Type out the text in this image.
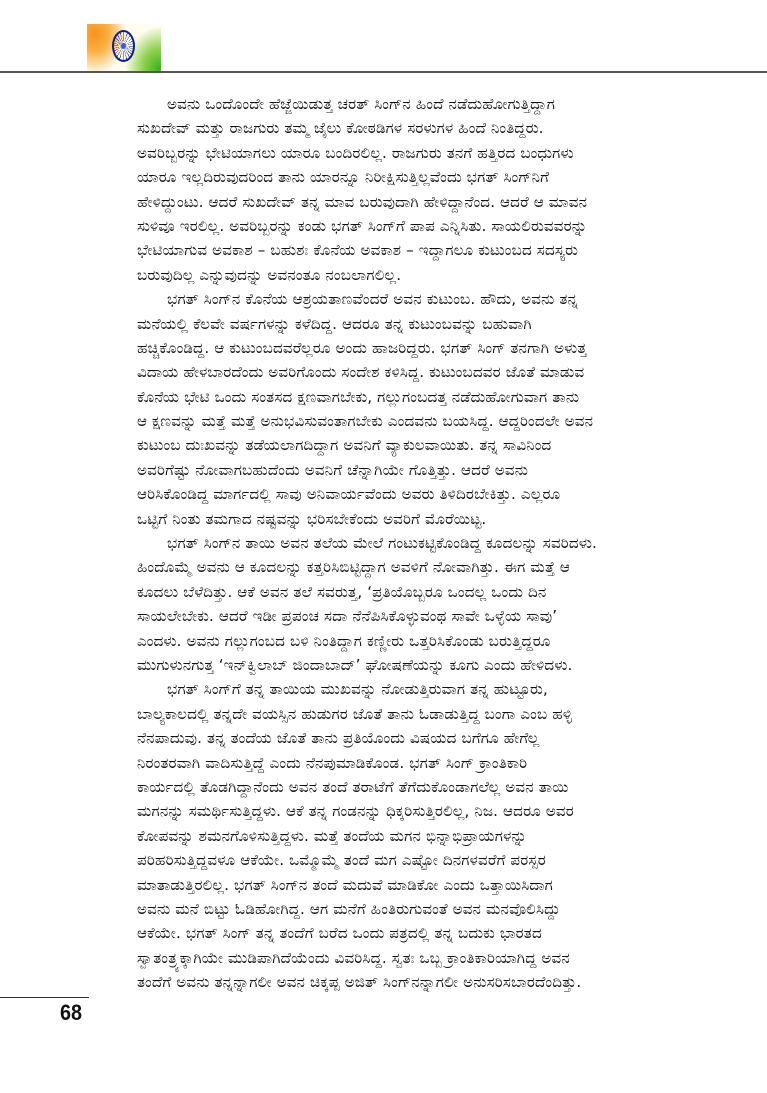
ಅವನು ಒಂದೊಂದೇ ಹೆಜ್ಜೆಯಿಡುತ್ತ ಚರತ್ ಸಿಂಗ್‌ನ ಹಿಂದೆ ನಡೆದುಹೋಗುತ್ತಿದ್ದಾಗ
ಸುಖದೇವ್ ಮತ್ತು ರಾಜಗುರು ತಮ್ಮ ಜೈಲು ಕೋಠಡಿಗಳ ಸರಳುಗಳ ಹಿಂದೆ ನಿಂತಿದ್ದರು.
ಅವರಿಬ್ಬರನ್ನು ಭೇಟಿಯಾಗಲು ಯಾರೂ ಬಂದಿರಲಿಲ್ಲ. ರಾಜಗುರು ತನಗೆ ಹತ್ತಿರದ ಬಂಧುಗಳು
ಯಾರೂ ಇಲ್ಲದಿರುವುದರಿಂದ ತಾನು ಯಾರನ್ನೂ ನಿರೀಕ್ಷಿಸುತ್ತಿಲ್ಲವೆಂದು ಭಗತ್ ಸಿಂಗ್‌ನಿಗೆ
ಹೇಳಿದ್ದುಂಟು. ಆದರೆ ಸುಖದೇವ್ ತನ್ನ ಮಾವ ಬರುವುದಾಗಿ ಹೇಳಿದ್ದಾನೆಂದ. ಆದರೆ ಆ ಮಾವನ
ಸುಳಿವೂ ಇರಲಿಲ್ಲ. ಅವರಿಬ್ಬರನ್ನು ಕಂಡು ಭಗತ್ ಸಿಂಗ್‌ಗೆ ಪಾಪ ಎನ್ನಿಸಿತು. ಸಾಯಲಿರುವವರನ್ನು
ಭೇಟಿಯಾಗುವ ಅವಕಾಶ – ಬಹುಶಃ ಕೊನೆಯ ಅವಕಾಶ – ಇದ್ದಾಗಲೂ ಕುಟುಂಬದ ಸದಸ್ಯರು
ಬರುವುದಿಲ್ಲ ಎನ್ನುವುದನ್ನು ಅವನಂತೂ ನಂಬಲಾಗಲಿಲ್ಲ.
ಭಗತ್ ಸಿಂಗ್‌ನ ಕೊನೆಯ ಆಶ್ರಯತಾಣವೆಂದರೆ ಅವನ ಕುಟುಂಬ. ಹೌದು, ಅವನು ತನ್ನ
ಮನೆಯಲ್ಲಿ ಕೆಲವೇ ವರ್ಷಗಳನ್ನು ಕಳೆದಿದ್ದ. ಆದರೂ ತನ್ನ ಕುಟುಂಬವನ್ನು ಬಹುವಾಗಿ
ಹಚ್ಚಿಕೊಂಡಿದ್ದ. ಆ ಕುಟುಂಬದವರೆಲ್ಲರೂ ಅಂದು ಹಾಜರಿದ್ದರು. ಭಗತ್ ಸಿಂಗ್ ತನಗಾಗಿ ಅಳುತ್ತ
ವಿದಾಯ ಹೇಳಬಾರದೆಂದು ಅವರಿಗೊಂದು ಸಂದೇಶ ಕಳಿಸಿದ್ದ. ಕುಟುಂಬದವರ ಜೊತೆ ಮಾಡುವ
ಕೊನೆಯ ಭೇಟಿ ಒಂದು ಸಂತಸದ ಕ್ಷಣವಾಗಬೇಕು, ಗಲ್ಲುಗಂಬದತ್ತ ನಡೆದುಹೋಗುವಾಗ ತಾನು
ಆ ಕ್ಷಣವನ್ನು ಮತ್ತೆ ಮತ್ತೆ ಅನುಭವಿಸುವಂತಾಗಬೇಕು ಎಂದವನು ಬಯಸಿದ್ದ. ಆದ್ದರಿಂದಲೇ ಅವನ
ಕುಟುಂಬ ದುಃಖವನ್ನು ತಡೆಯಲಾಗದಿದ್ದಾಗ ಅವನಿಗೆ ವ್ಯಾಕುಲವಾಯಿತು. ತನ್ನ ಸಾವಿನಿಂದ
ಅವರಿಗೆಷ್ಟು ನೋವಾಗಬಹುದೆಂದು ಅವನಿಗೆ ಚೆನ್ನಾಗಿಯೇ ಗೊತ್ತಿತ್ತು. ಆದರೆ ಅವನು
ಆರಿಸಿಕೊಂಡಿದ್ದ ಮಾರ್ಗದಲ್ಲಿ ಸಾವು ಅನಿವಾರ್ಯವೆಂದು ಅವರು ತಿಳಿದಿರಬೇಕಿತ್ತು. ಎಲ್ಲರೂ
ಒಟ್ಟಿಗೆ ನಿಂತು ತಮಗಾದ ನಷ್ಟವನ್ನು ಭರಿಸಬೇಕೆಂದು ಅವರಿಗೆ ಮೊರೆಯಿಟ್ಟ.
ಭಗತ್ ಸಿಂಗ್‌ನ ತಾಯಿ ಅವನ ತಲೆಯ ಮೇಲೆ ಗಂಟುಕಟ್ಟಿಕೊಂಡಿದ್ದ ಕೂದಲನ್ನು ಸವರಿದಳು.
ಹಿಂದೊಮ್ಮೆ ಅವನು ಆ ಕೂದಲನ್ನು ಕತ್ತರಿಸಿಬಿಟ್ಟಿದ್ದಾಗ ಅವಳಿಗೆ ನೋವಾಗಿತ್ತು. ಈಗ ಮತ್ತೆ ಆ
ಕೂದಲು ಬೆಳೆದಿತ್ತು. ಆಕೆ ಅವನ ತಲೆ ಸವರುತ್ತ, ‘ಪ್ರತಿಯೊಬ್ಬರೂ ಒಂದಲ್ಲ ಒಂದು ದಿನ
ಸಾಯಲೇಬೇಕು. ಆದರೆ ಇಡೀ ಪ್ರಪಂಚ ಸದಾ ನೆನೆಪಿಸಿಕೊಳ್ಳುವಂಥ ಸಾವೇ ಒಳ್ಳೆಯ ಸಾವು’
ಎಂದಳು. ಅವನು ಗಲ್ಲುಗಂಬದ ಬಳಿ ನಿಂತಿದ್ದಾಗ ಕಣ್ಣೀರು ಒತ್ತರಿಸಿಕೊಂಡು ಬರುತ್ತಿದ್ದರೂ
ಮುಗುಳುನಗುತ್ತ ‘ಇನ್‌ಕ್ವಿಲಾಬ್ ಜಿಂದಾಬಾದ್’ ಘೋಷಣೆಯನ್ನು ಕೂಗು ಎಂದು ಹೇಳಿದಳು.
ಭಗತ್ ಸಿಂಗ್‌ಗೆ ತನ್ನ ತಾಯಿಯ ಮುಖವನ್ನು ನೋಡುತ್ತಿರುವಾಗ ತನ್ನ ಹುಟ್ಟೂರು,
ಬಾಲ್ಯಕಾಲದಲ್ಲಿ ತನ್ನದೇ ವಯಸ್ಸಿನ ಹುಡುಗರ ಜೊತೆ ತಾನು ಓಡಾಡುತ್ತಿದ್ದ ಬಂಗಾ ಎಂಬ ಹಳ್ಳಿ
ನೆನಪಾದುವು. ತನ್ನ ತಂದೆಯ ಜೊತೆ ತಾನು ಪ್ರತಿಯೊಂದು ವಿಷಯದ ಬಗೆಗೂ ಹೇಗೆಲ್ಲ
ನಿರಂತರವಾಗಿ ವಾದಿಸುತ್ತಿದ್ದೆ ಎಂದು ನೆನಪುಮಾಡಿಕೊಂಡ. ಭಗತ್ ಸಿಂಗ್ ಕ್ರಾಂತಿಕಾರಿ
ಕಾರ್ಯದಲ್ಲಿ ತೊಡಗಿದ್ದಾನೆಂದು ಅವನ ತಂದೆ ತರಾಟೆಗೆ ತೆಗೆದುಕೊಂಡಾಗಲೆಲ್ಲ ಅವನ ತಾಯಿ
ಮಗನನ್ನು ಸಮರ್ಥಿಸುತ್ತಿದ್ದಳು. ಆಕೆ ತನ್ನ ಗಂಡನನ್ನು ಧಿಕ್ಕರಿಸುತ್ತಿರಲಿಲ್ಲ, ನಿಜ. ಆದರೂ ಅವರ
ಕೋಪವನ್ನು ಶಮನಗೊಳಿಸುತ್ತಿದ್ದಳು. ಮತ್ತೆ ತಂದೆಯ ಮಗನ ಭಿನ್ನಾಭಿಪ್ರಾಯಗಳನ್ನು
ಪರಿಹರಿಸುತ್ತಿದ್ದವಳೂ ಆಕೆಯೇ. ಒಮ್ಮೊಮ್ಮೆ ತಂದೆ ಮಗ ಎಷ್ಟೋ ದಿನಗಳವರೆಗೆ ಪರಸ್ಪರ
ಮಾತಾಡುತ್ತಿರಲಿಲ್ಲ. ಭಗತ್ ಸಿಂಗ್‌ನ ತಂದೆ ಮದುವೆ ಮಾಡಿಕೋ ಎಂದು ಒತ್ತಾಯಿಸಿದಾಗ
ಅವನು ಮನೆ ಬಿಟ್ಟು ಓಡಿಹೋಗಿದ್ದ. ಆಗ ಮನೆಗೆ ಹಿಂತಿರುಗುವಂತೆ ಅವನ ಮನವೊಲಿಸಿದ್ದು
ಆಕೆಯೇ. ಭಗತ್ ಸಿಂಗ್ ತನ್ನ ತಂದೆಗೆ ಬರೆದ ಒಂದು ಪತ್ರದಲ್ಲಿ ತನ್ನ ಬದುಕು ಭಾರತದ
ಸ್ವಾತಂತ್ರ್ಯಕ್ಕಾಗಿಯೇ ಮುಡಿಪಾಗಿದೆಯೆಂದು ವಿವರಿಸಿದ್ದ. ಸ್ವತಃ ಒಬ್ಬ ಕ್ರಾಂತಿಕಾರಿಯಾಗಿದ್ದ ಅವನ
ತಂದೆಗೆ ಅವನು ತನ್ನನ್ನಾಗಲೀ ಅವನ ಚಿಕ್ಕಪ್ಪ ಅಜಿತ್ ಸಿಂಗ್‌ನನ್ನಾಗಲೀ ಅನುಸರಿಸಬಾರದೆಂದಿತ್ತು.
68
